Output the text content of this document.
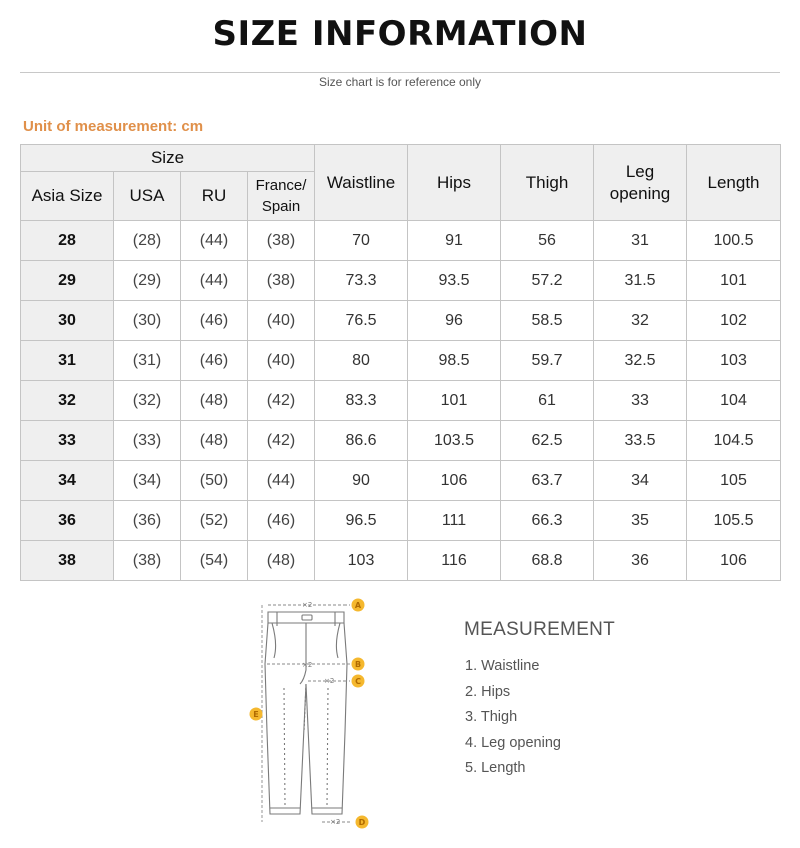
SIZE INFORMATION
Size chart is for reference only
Unit of measurement: cm
Size				Waistline	Hips	Thigh	Leg
opening	Length
Asia Size	USA	RU	France/
Spain					
28	(28)	(44)	(38)	70	91	56	31	100.5
29	(29)	(44)	(38)	73.3	93.5	57.2	31.5	101
30	(30)	(46)	(40)	76.5	96	58.5	32	102
31	(31)	(46)	(40)	80	98.5	59.7	32.5	103
32	(32)	(48)	(42)	83.3	101	61	33	104
33	(33)	(48)	(42)	86.6	103.5	62.5	33.5	104.5
34	(34)	(50)	(44)	90	106	63.7	34	105
36	(36)	(52)	(46)	96.5	111	66.3	35	105.5
38	(38)	(54)	(48)	103	116	68.8	36	106
×2
×2
×2
×2
A
B
C
D
E
MEASUREMENT
1. Waistline
2. Hips
3. Thigh
4. Leg opening
5. Length
